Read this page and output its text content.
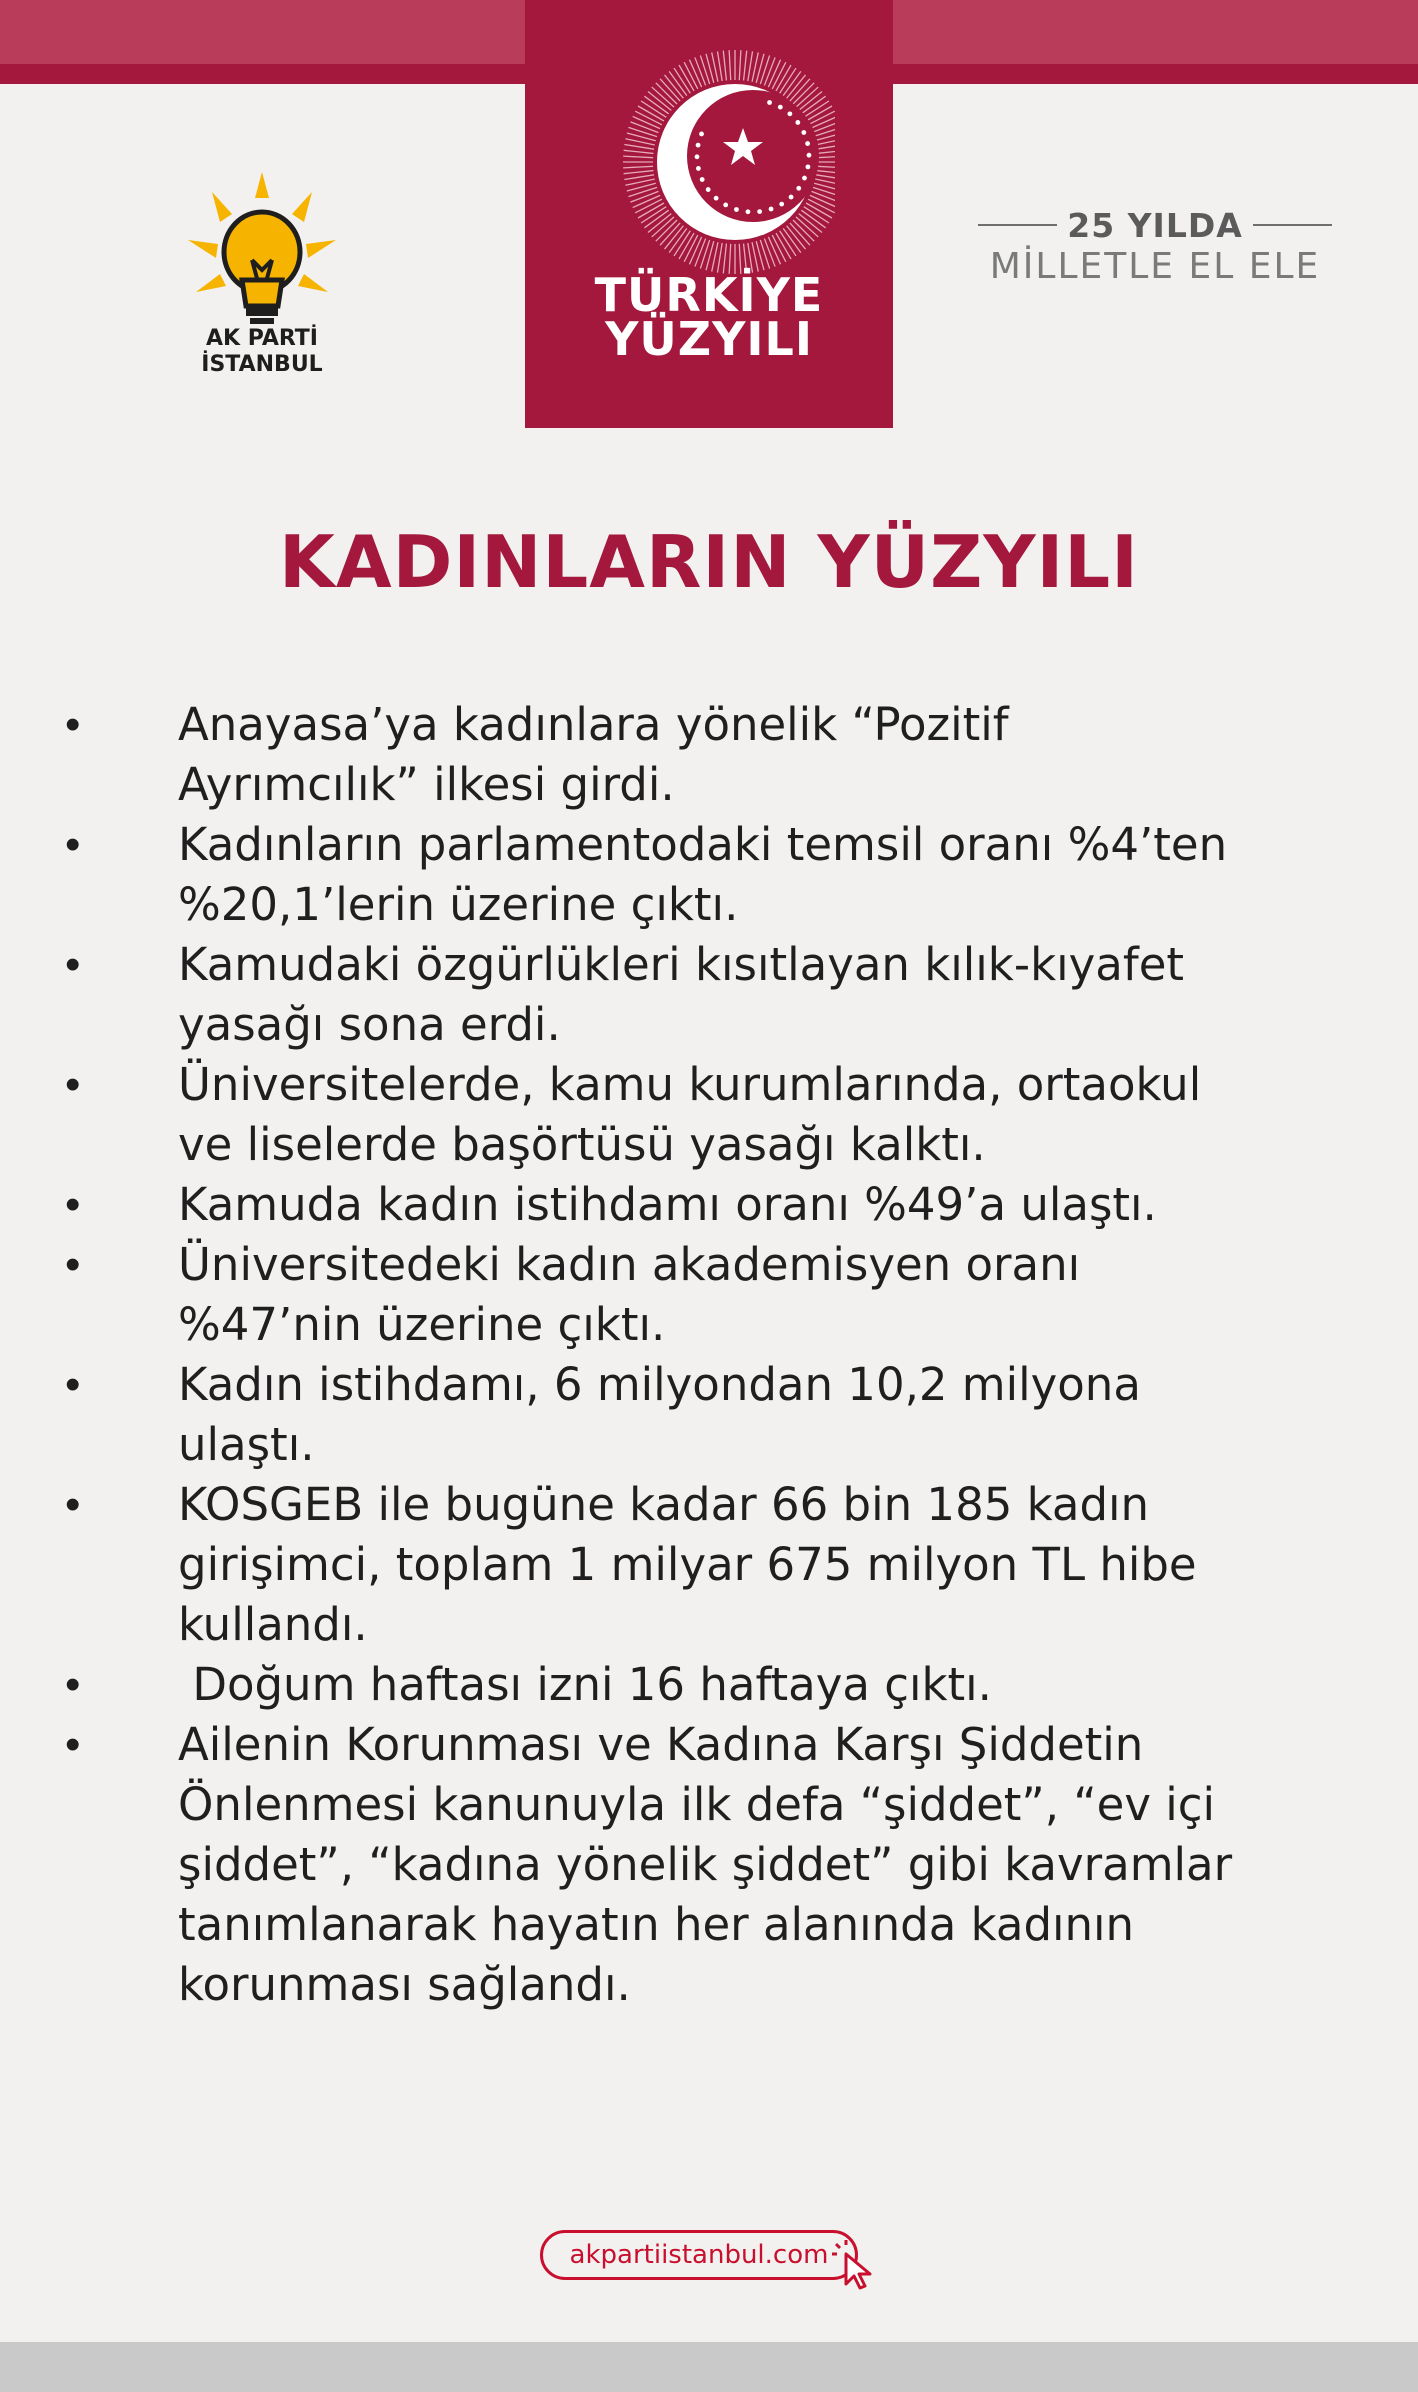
TÜRKİYE
YÜZYILI
AK PARTİ
İSTANBUL
25 YILDA
MİLLETLE EL ELE
KADINLARIN YÜZYILI
•	Anayasa’ya kadınlara yönelik “Pozitif
Ayrımcılık” ilkesi girdi.
•	Kadınların parlamentodaki temsil oranı %4’ten
%20,1’lerin üzerine çıktı.
•	Kamudaki özgürlükleri kısıtlayan kılık-kıyafet
yasağı sona erdi.
•	Üniversitelerde, kamu kurumlarında, ortaokul
ve liselerde başörtüsü yasağı kalktı.
•	Kamuda kadın istihdamı oranı %49’a ulaştı.
•	Üniversitedeki kadın akademisyen oranı
%47’nin üzerine çıktı.
•	Kadın istihdamı, 6 milyondan 10,2 milyona
ulaştı.
•	KOSGEB ile bugüne kadar 66 bin 185 kadın
girişimci, toplam 1 milyar 675 milyon TL hibe
kullandı.
•	Doğum haftası izni 16 haftaya çıktı.
•	Ailenin Korunması ve Kadına Karşı Şiddetin
Önlenmesi kanunuyla ilk defa “şiddet”, “ev içi
şiddet”, “kadına yönelik şiddet” gibi kavramlar
tanımlanarak hayatın her alanında kadının
korunması sağlandı.
akpartiistanbul.com
